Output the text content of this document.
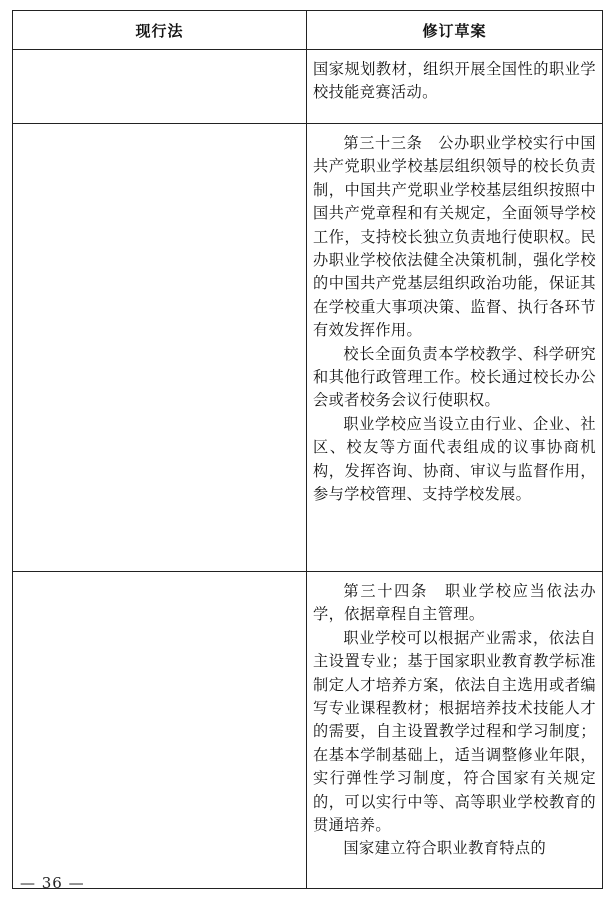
现行法	修订草案

	国家规划教材，组织开展全国性的职业学校技能竞赛活动。

	第三十三条　公办职业学校实行中国共产党职业学校基层组织领导的校长负责制，中国共产党职业学校基层组织按照中国共产党章程和有关规定，全面领导学校工作，支持校长独立负责地行使职权。民办职业学校依法健全决策机制，强化学校的中国共产党基层组织政治功能，保证其在学校重大事项决策、监督、执行各环节有效发挥作用。

校长全面负责本学校教学、科学研究和其他行政管理工作。校长通过校长办公会或者校务会议行使职权。

职业学校应当设立由行业、企业、社区、校友等方面代表组成的议事协商机构，发挥咨询、协商、审议与监督作用，参与学校管理、支持学校发展。

	第三十四条　职业学校应当依法办学，依据章程自主管理。

职业学校可以根据产业需求，依法自主设置专业；基于国家职业教育教学标准制定人才培养方案，依法自主选用或者编写专业课程教材；根据培养技术技能人才的需要，自主设置教学过程和学习制度；在基本学制基础上，适当调整修业年限，实行弹性学习制度，符合国家有关规定的，可以实行中等、高等职业学校教育的贯通培养。

国家建立符合职业教育特点的

— 36 —
